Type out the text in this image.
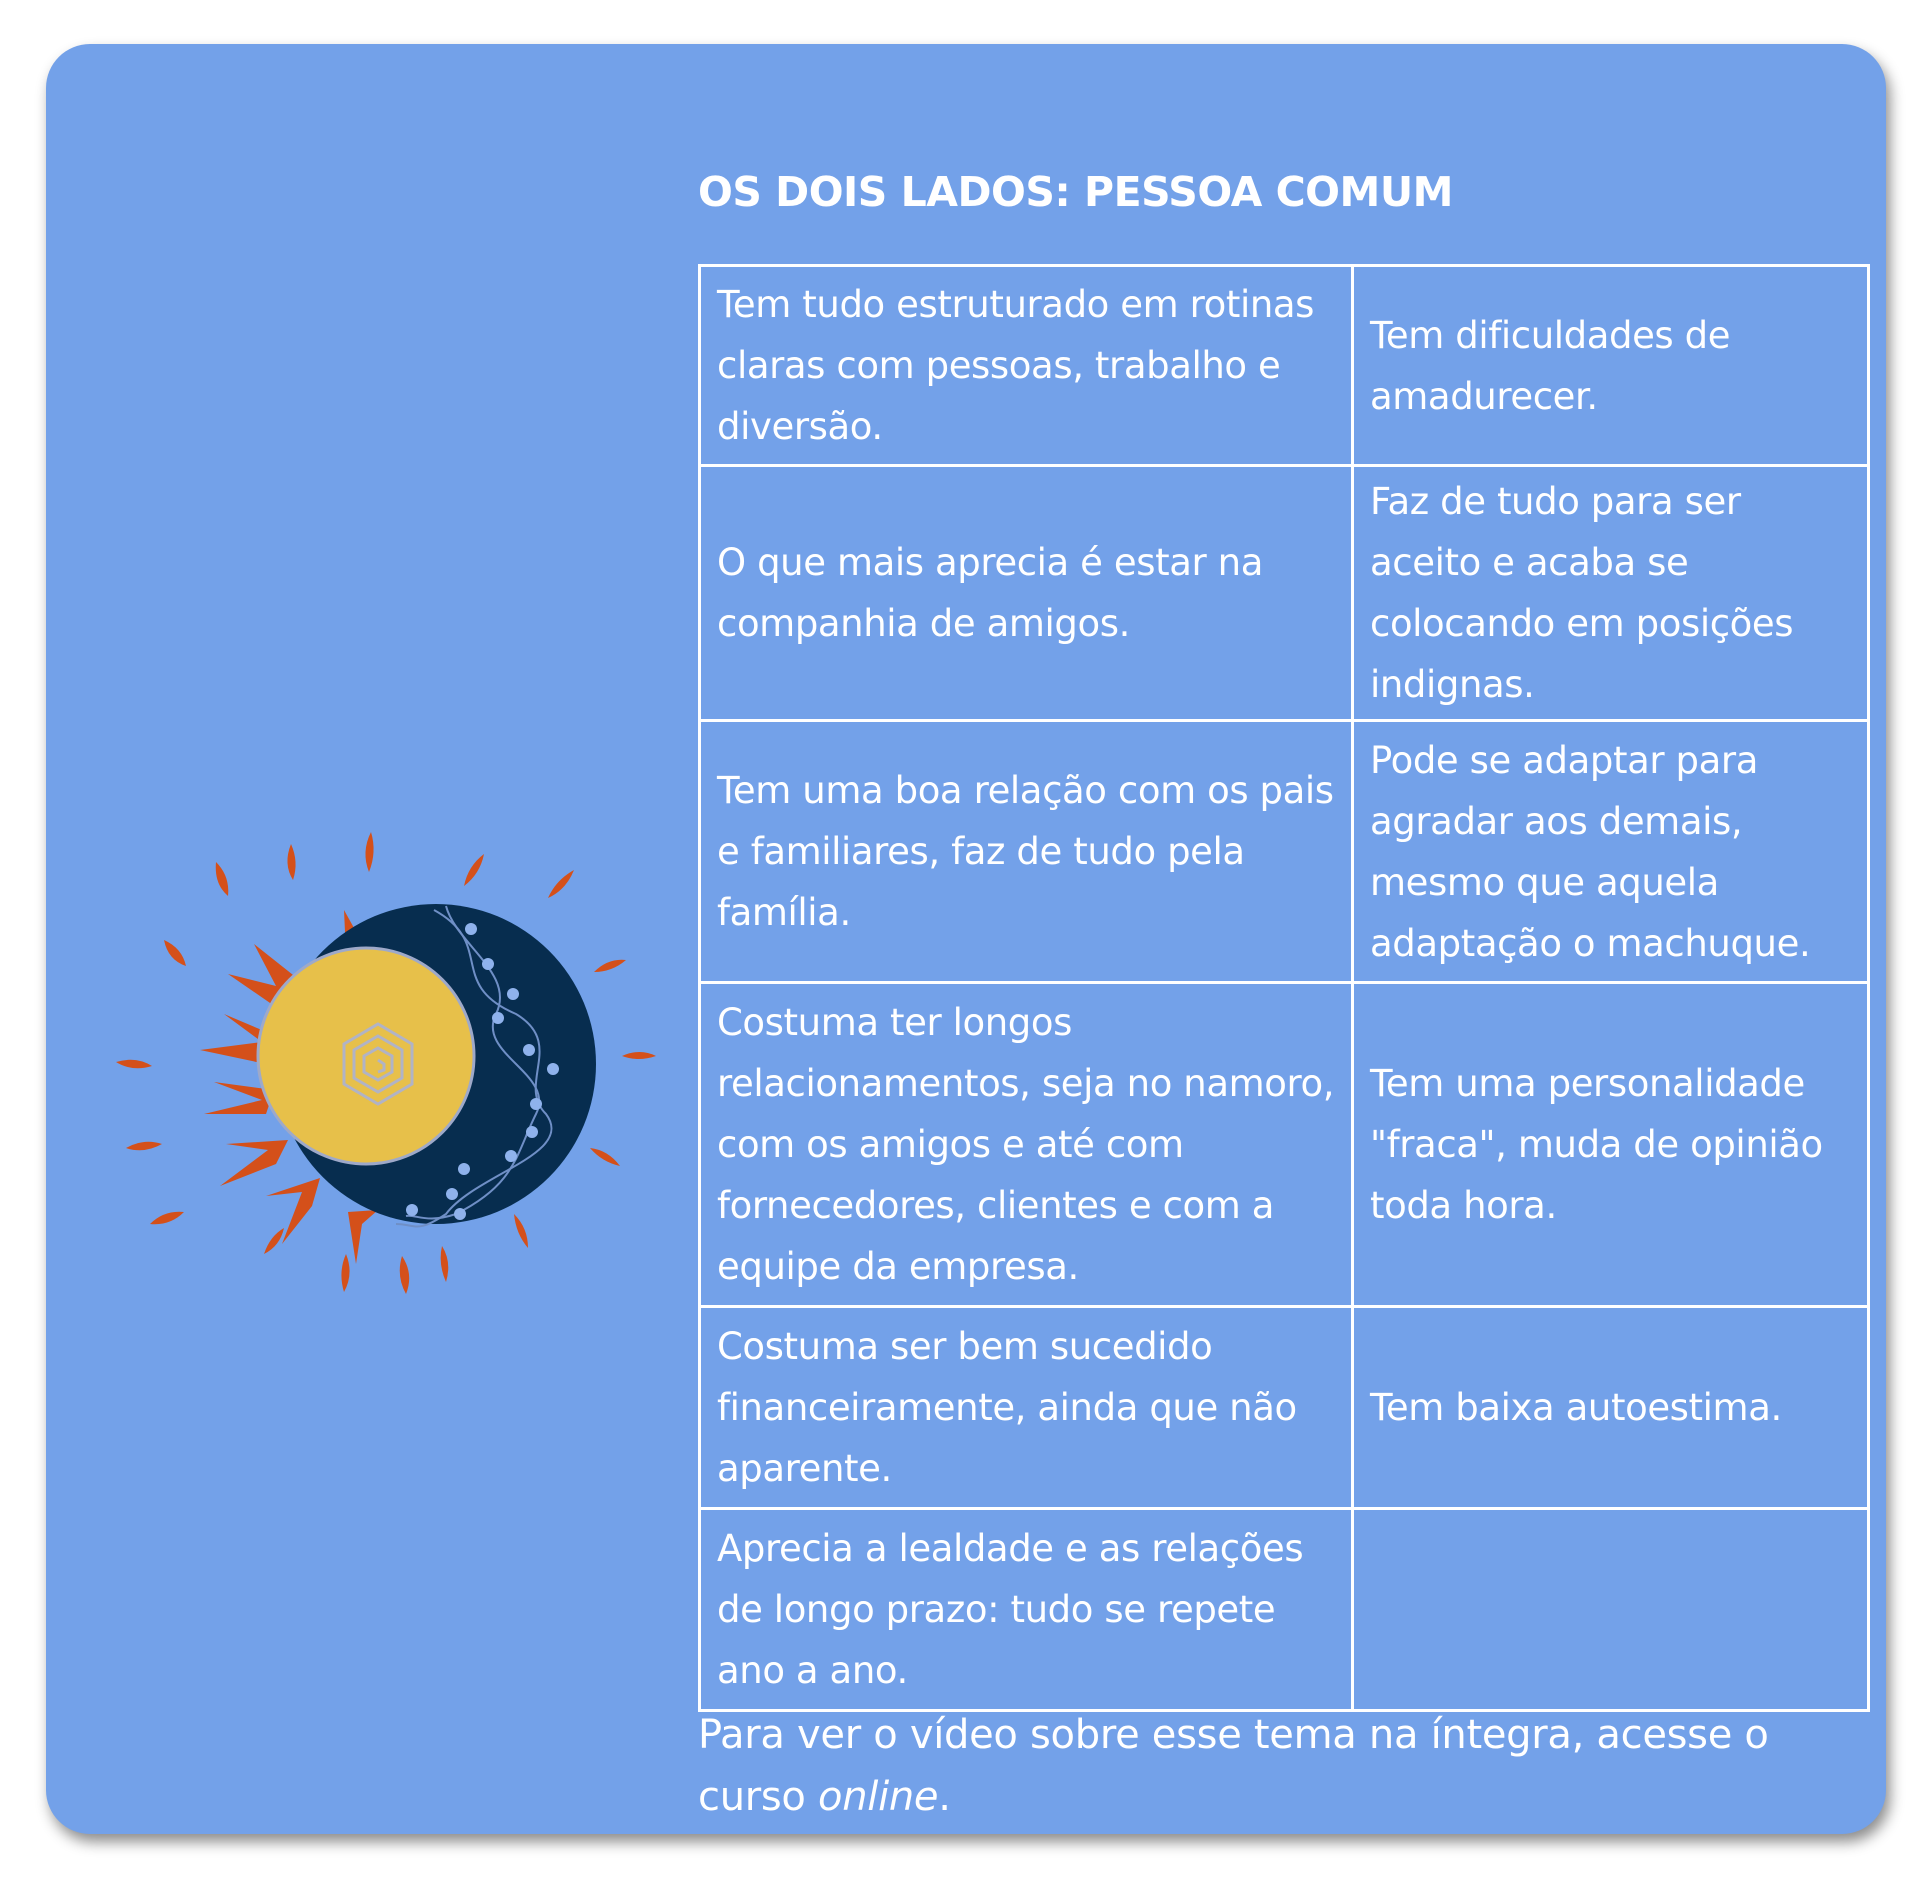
OS DOIS LADOS: PESSOA COMUM
Tem tudo estruturado em rotinas claras com pessoas, trabalho e diversão.	Tem dificuldades de amadurecer.
O que mais aprecia é estar na companhia de amigos.	Faz de tudo para ser aceito e acaba se colocando em posições indignas.
Tem uma boa relação com os pais e familiares, faz de tudo pela família.	Pode se adaptar para agradar aos demais, mesmo que aquela adaptação o machuque.
Costuma ter longos relacionamentos, seja no namoro, com os amigos e até com fornecedores, clientes e com a equipe da empresa.	Tem uma personalidade "fraca", muda de opinião toda hora.
Costuma ser bem sucedido financeiramente, ainda que não aparente.	Tem baixa autoestima.
Aprecia a lealdade e as relações de longo prazo: tudo se repete ano a ano.	
Para ver o vídeo sobre esse tema na íntegra, acesse o curso online.
